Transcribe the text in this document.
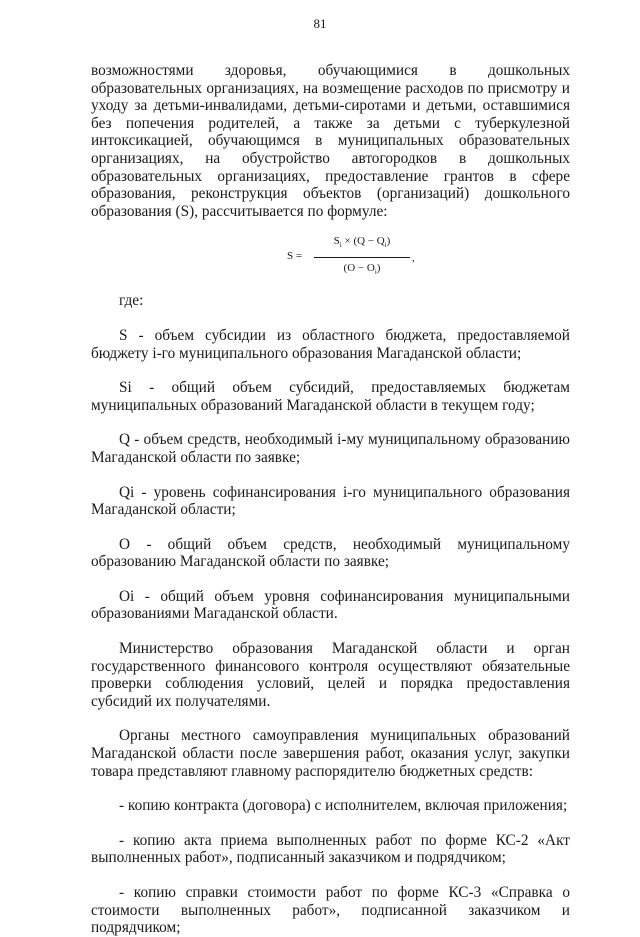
81

возможностями здоровья, обучающимися в дошкольных образовательных организациях, на возмещение расходов по присмотру и уходу за детьми-инвалидами, детьми-сиротами и детьми, оставшимися без попечения родителей, а также за детьми с туберкулезной интоксикацией, обучающимся в муниципальных образовательных организациях, на обустройство автогородков в дошкольных образовательных организациях, предоставление грантов в сфере образования, реконструкция объектов (организаций) дошкольного образования (S), рассчитывается по формуле:

S =
$S_i \times (Q - Q_i)$
$(O - O_i)$
,

где:

S - объем субсидии из областного бюджета, предоставляемой бюджету i-го муниципального образования Магаданской области;

Si - общий объем субсидий, предоставляемых бюджетам муниципальных образований Магаданской области в текущем году;

Q - объем средств, необходимый i-му муниципальному образованию Магаданской области по заявке;

Qi - уровень софинансирования i-го муниципального образования Магаданской области;

O - общий объем средств, необходимый муниципальному образованию Магаданской области по заявке;

Oi - общий объем уровня софинансирования муниципальными образованиями Магаданской области.

Министерство образования Магаданской области и орган государственного финансового контроля осуществляют обязательные проверки соблюдения условий, целей и порядка предоставления субсидий их получателями.

Органы местного самоуправления муниципальных образований Магаданской области после завершения работ, оказания услуг, закупки товара представляют главному распорядителю бюджетных средств:

- копию контракта (договора) с исполнителем, включая приложения;

- копию акта приема выполненных работ по форме КС-2 «Акт выполненных работ», подписанный заказчиком и подрядчиком;

- копию справки стоимости работ по форме КС-3 «Справка о стоимости выполненных работ», подписанной заказчиком и подрядчиком;
